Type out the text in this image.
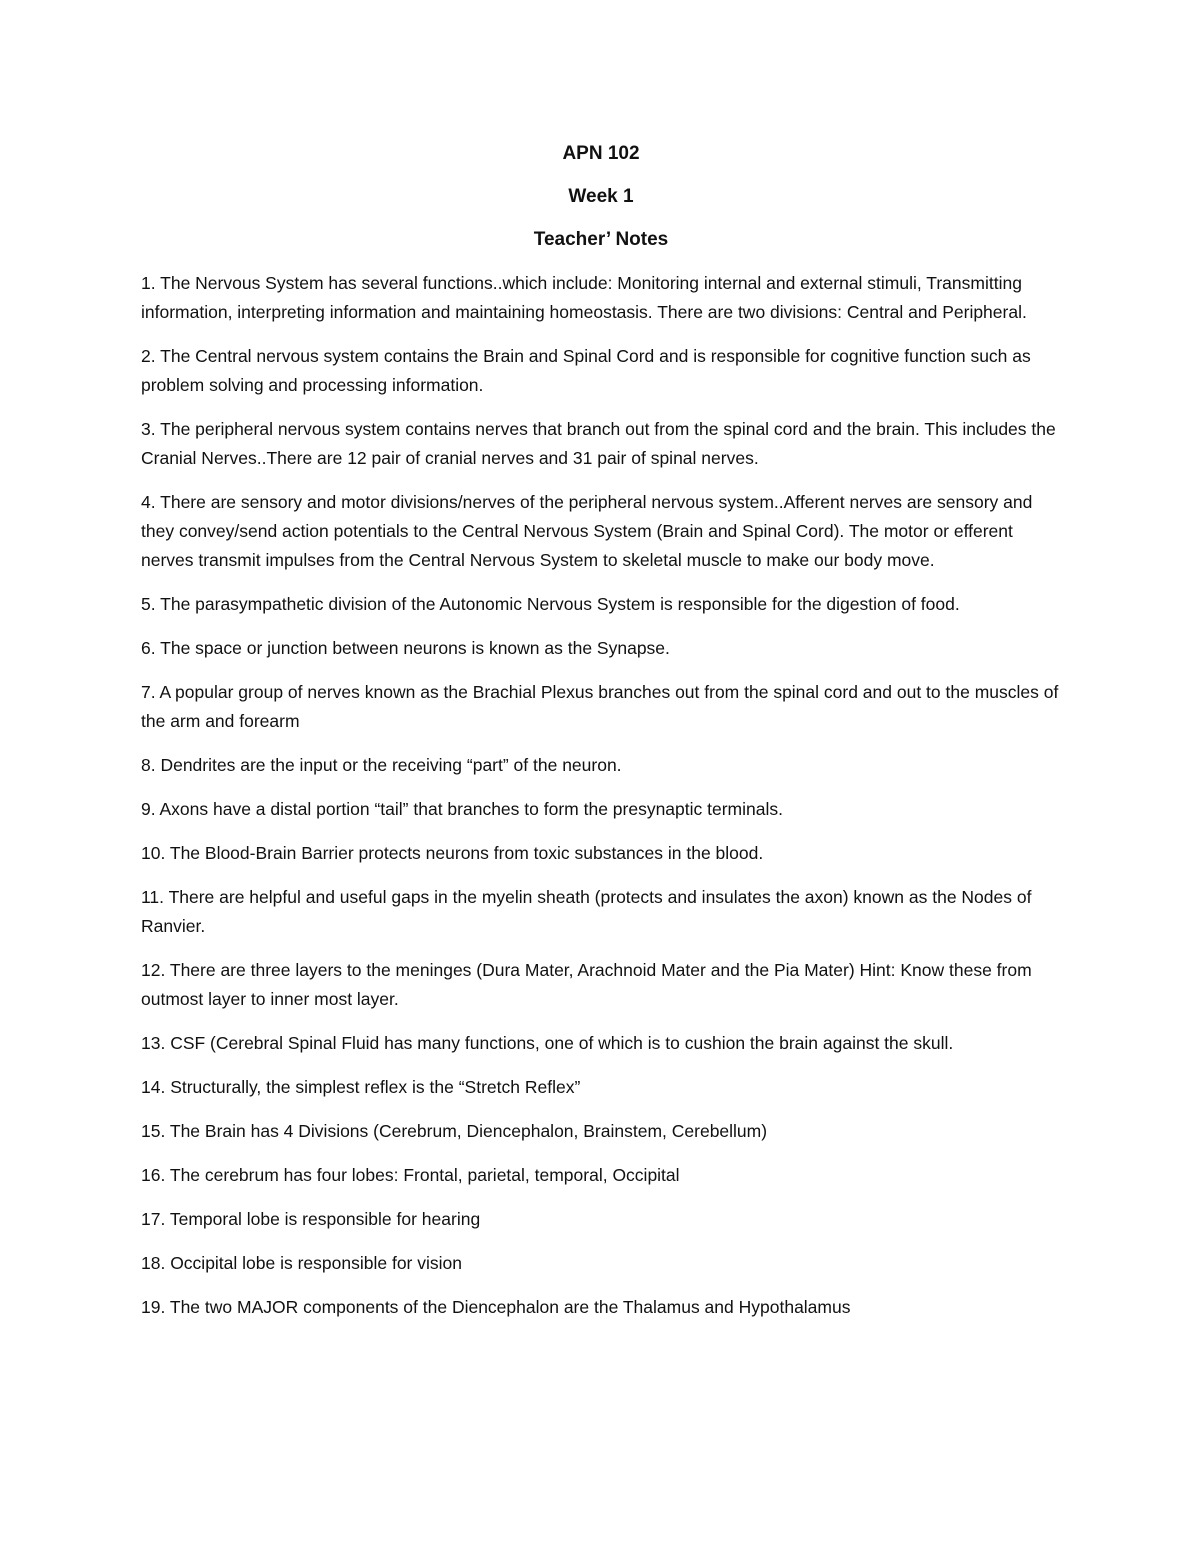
APN 102
Week 1
Teacher’ Notes

1. The Nervous System has several functions..which include: Monitoring internal and external stimuli, Transmitting information, interpreting information and maintaining homeostasis. There are two divisions: Central and Peripheral.

2. The Central nervous system contains the Brain and Spinal Cord and is responsible for cognitive function such as problem solving and processing information.

3. The peripheral nervous system contains nerves that branch out from the spinal cord and the brain. This includes the Cranial Nerves..There are 12 pair of cranial nerves and 31 pair of spinal nerves.

4. There are sensory and motor divisions/nerves of the peripheral nervous system..Afferent nerves are sensory and they convey/send action potentials to the Central Nervous System (Brain and Spinal Cord). The motor or efferent nerves transmit impulses from the Central Nervous System to skeletal muscle to make our body move.

5. The parasympathetic division of the Autonomic Nervous System is responsible for the digestion of food.

6. The space or junction between neurons is known as the Synapse.

7. A popular group of nerves known as the Brachial Plexus branches out from the spinal cord and out to the muscles of the arm and forearm

8. Dendrites are the input or the receiving “part” of the neuron.

9. Axons have a distal portion “tail” that branches to form the presynaptic terminals.

10. The Blood-Brain Barrier protects neurons from toxic substances in the blood.

11. There are helpful and useful gaps in the myelin sheath (protects and insulates the axon) known as the Nodes of Ranvier.

12. There are three layers to the meninges (Dura Mater, Arachnoid Mater and the Pia Mater) Hint: Know these from outmost layer to inner most layer.

13. CSF (Cerebral Spinal Fluid has many functions, one of which is to cushion the brain against the skull.

14. Structurally, the simplest reflex is the “Stretch Reflex”

15. The Brain has 4 Divisions (Cerebrum, Diencephalon, Brainstem, Cerebellum)

16. The cerebrum has four lobes: Frontal, parietal, temporal, Occipital

17. Temporal lobe is responsible for hearing

18. Occipital lobe is responsible for vision

19. The two MAJOR components of the Diencephalon are the Thalamus and Hypothalamus
